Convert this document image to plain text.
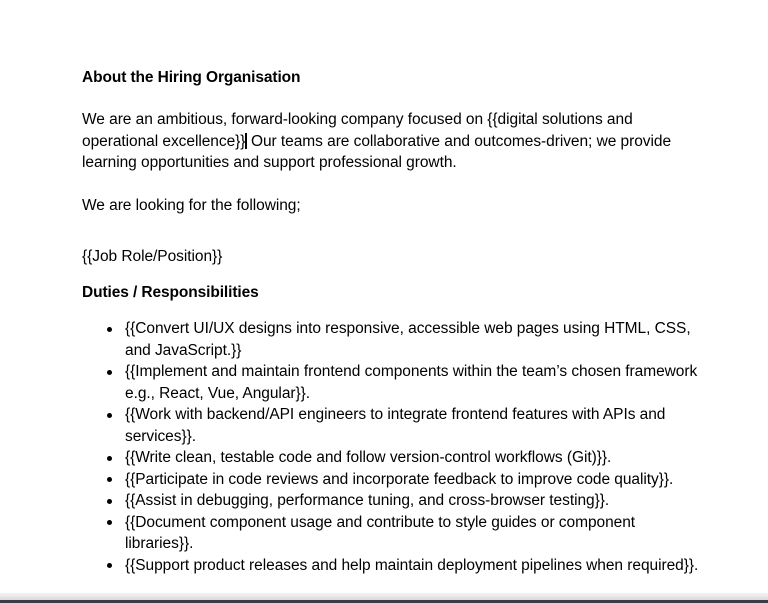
About the Hiring Organisation

We are an ambitious, forward-looking company focused on {{digital solutions and operational excellence}} Our teams are collaborative and outcomes-driven; we provide learning opportunities and support professional growth.

We are looking for the following;

{{Job Role/Position}}

Duties / Responsibilities
{{Convert UI/UX designs into responsive, accessible web pages using HTML, CSS, and JavaScript.}}
{{Implement and maintain frontend components within the team’s chosen framework e.g., React, Vue, Angular}}.
{{Work with backend/API engineers to integrate frontend features with APIs and services}}.
{{Write clean, testable code and follow version-control workflows (Git)}}.
{{Participate in code reviews and incorporate feedback to improve code quality}}.
{{Assist in debugging, performance tuning, and cross-browser testing}}.
{{Document component usage and contribute to style guides or component libraries}}.
{{Support product releases and help maintain deployment pipelines when required}}.
